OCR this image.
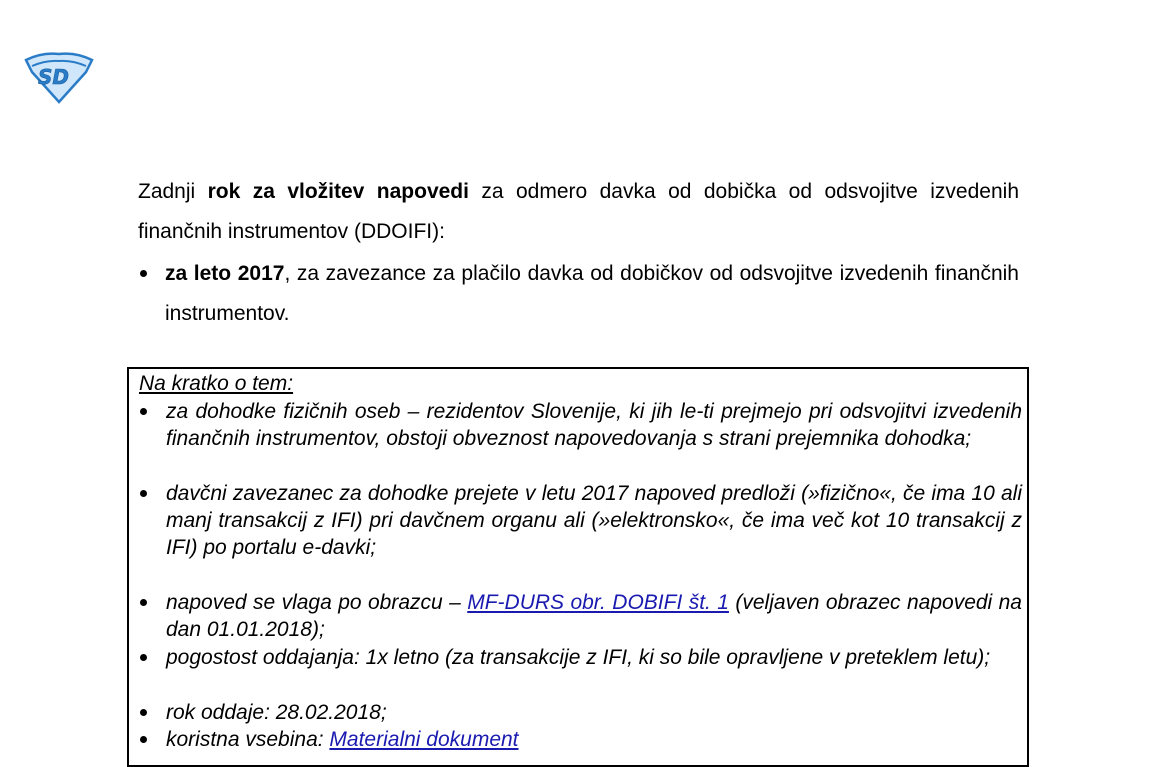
SD

Zadnji rok za vložitev napovedi za odmero davka od dobička od odsvojitve izvedenih finančnih instrumentov (DDOIFI):

za leto 2017, za zavezance za plačilo davka od dobičkov od odsvojitve izvedenih finančnih instrumentov.
Na kratko o tem:
za dohodke fizičnih oseb – rezidentov Slovenije, ki jih le-ti prejmejo pri odsvojitvi izvedenih finančnih instrumentov, obstoji obveznost napovedovanja s strani prejemnika dohodka;
davčni zavezanec za dohodke prejete v letu 2017 napoved predloži (»fizično«, če ima 10 ali manj transakcij z IFI) pri davčnem organu ali (»elektronsko«, če ima več kot 10 transakcij z IFI) po portalu e-davki;
napoved se vlaga po obrazcu – MF-DURS obr. DOBIFI št. 1 (veljaven obrazec napovedi na dan 01.01.2018);
pogostost oddajanja: 1x letno (za transakcije z IFI, ki so bile opravljene v preteklem letu);
rok oddaje: 28.02.2018;
koristna vsebina: Materialni dokument
